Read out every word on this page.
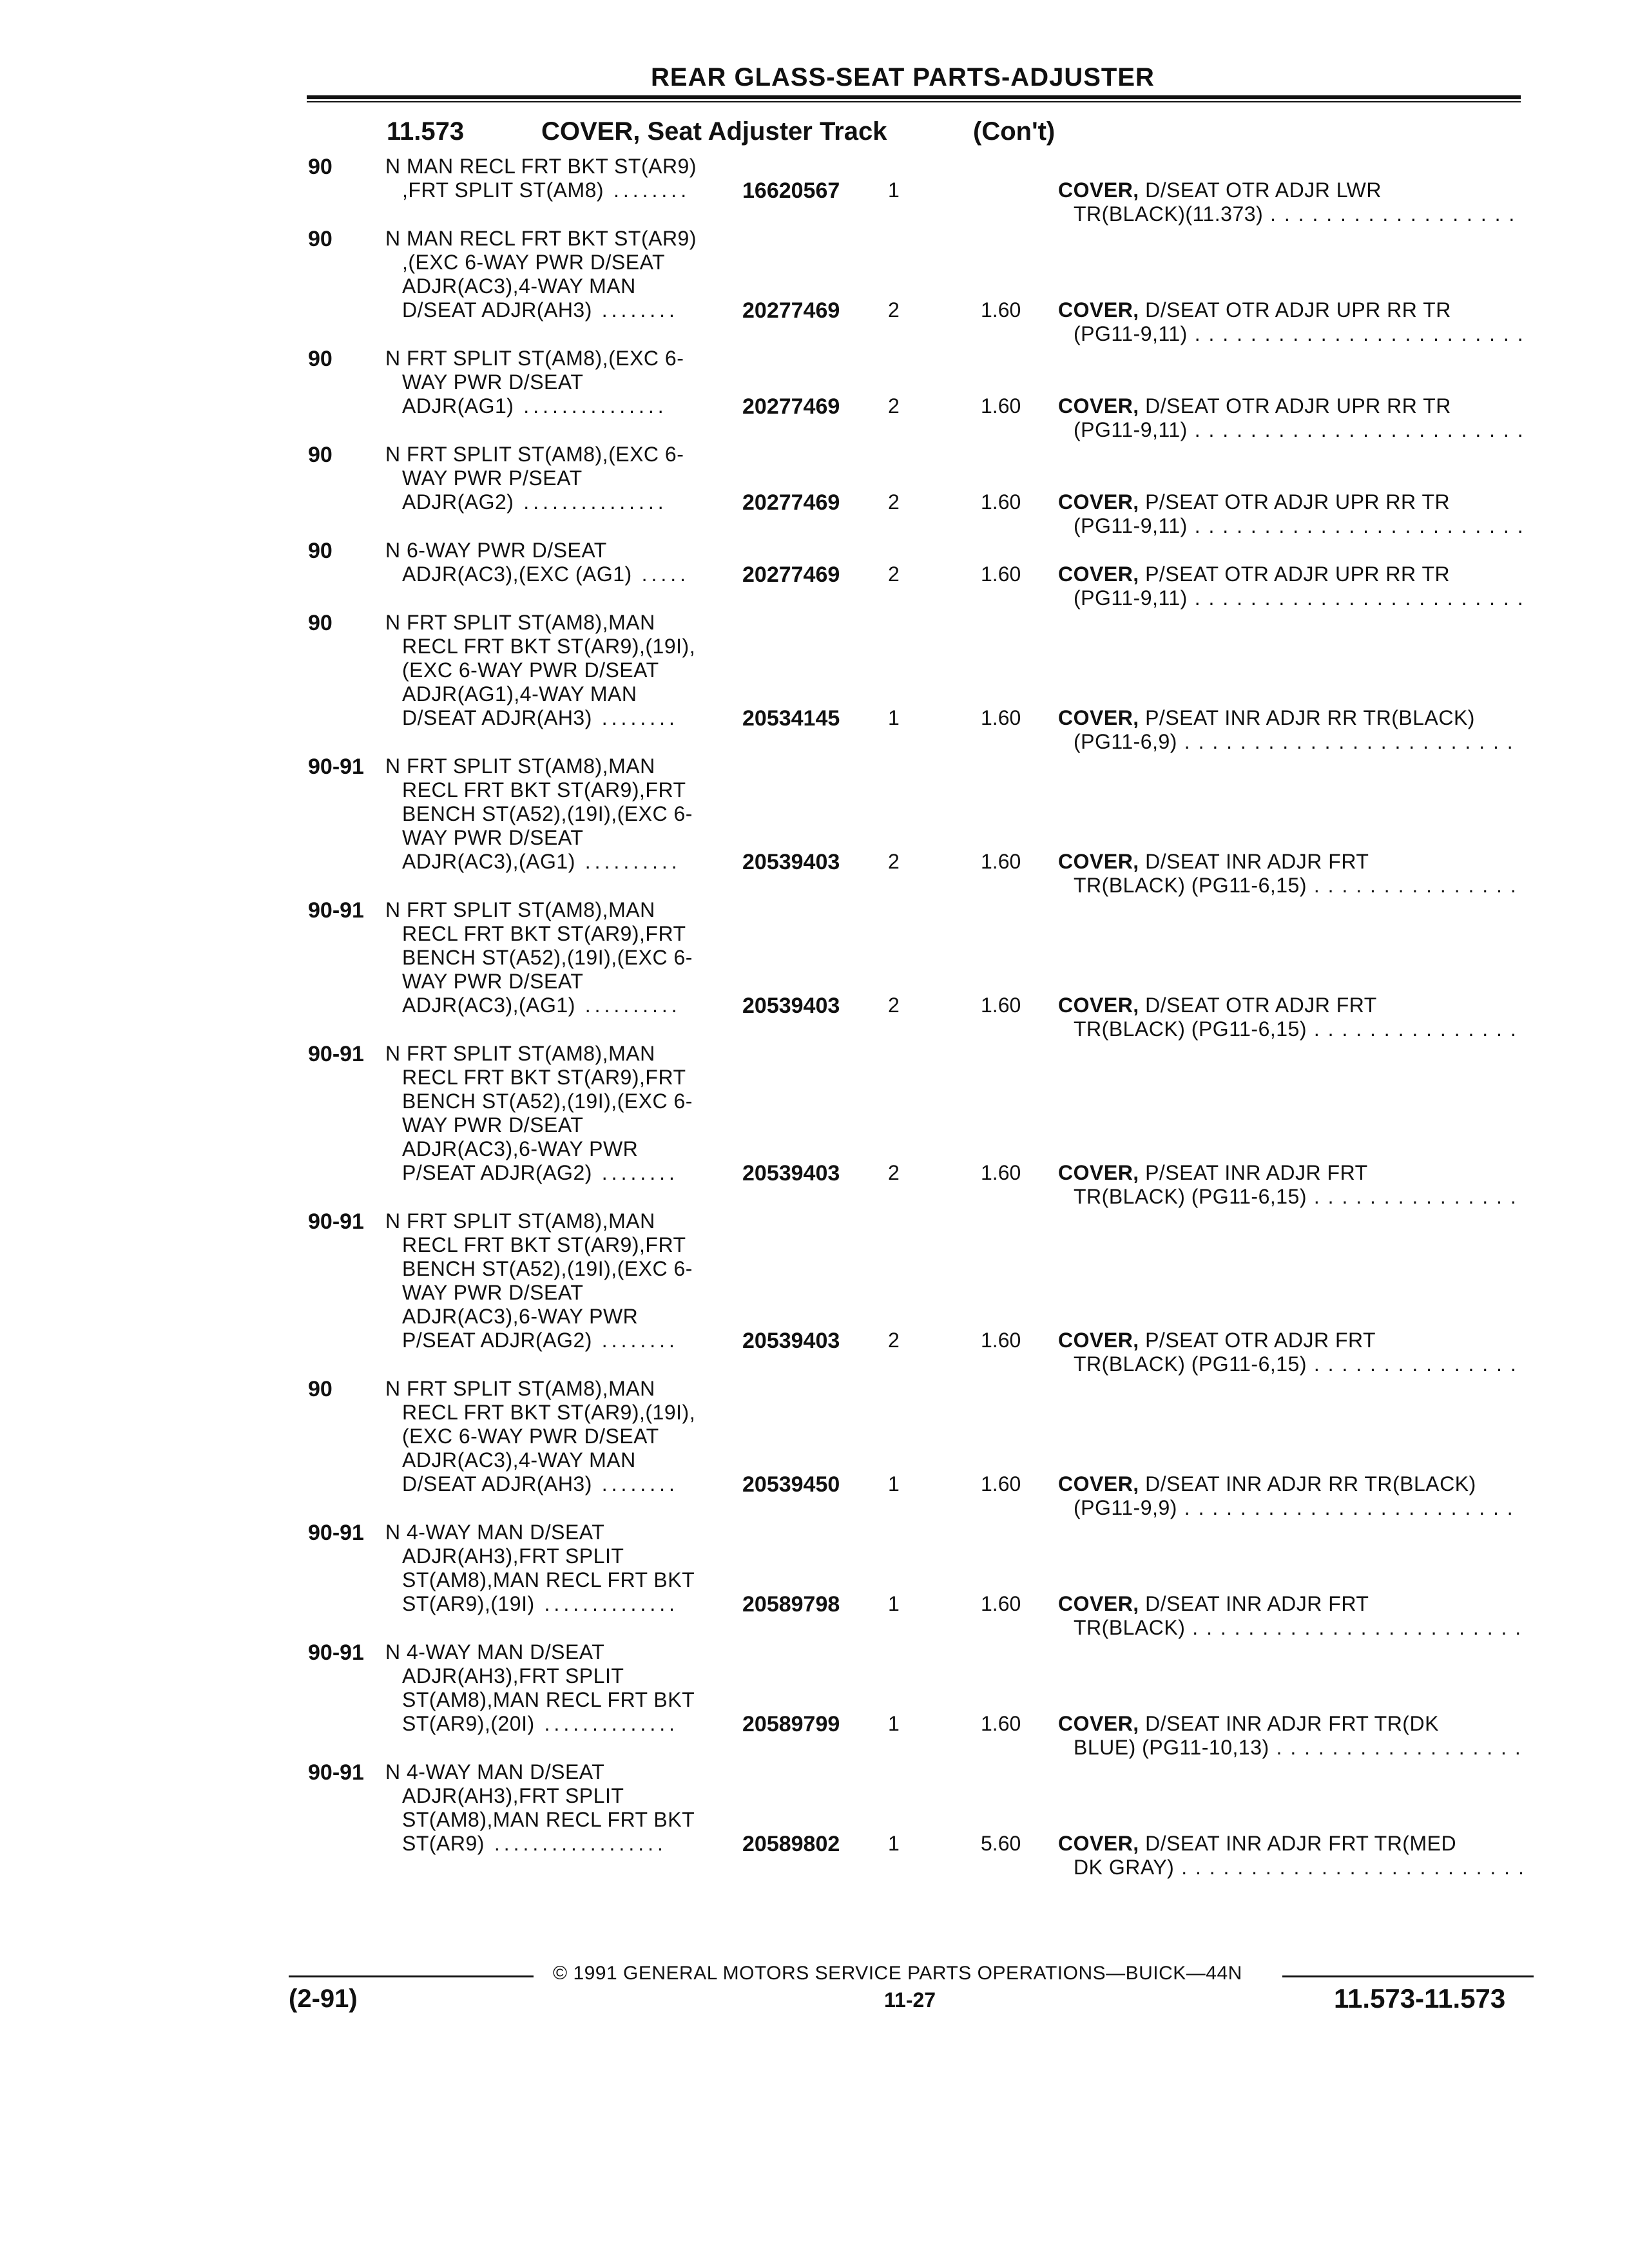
REAR GLASS-SEAT PARTS-ADJUSTER
11.573	COVER, Seat Adjuster Track	(Con't)
90	N MAN RECL FRT BKT ST(AR9)
,FRT SPLIT ST(AM8) ........	16620567 1	COVER, D/SEAT OTR ADJR LWR
TR(BLACK)(11.373) . . .
90	N MAN RECL FRT BKT ST(AR9)
,(EXC 6-WAY PWR D/SEAT
ADJR(AC3),4-WAY MAN
D/SEAT ADJR(AH3) ........	20277469 2	1.60 COVER, D/SEAT OTR ADJR UPR RR TR
(PG11-9,11) . . .
90	N FRT SPLIT ST(AM8),(EXC 6-
WAY PWR D/SEAT
ADJR(AG1) ...............	20277469 2	1.60 COVER, D/SEAT OTR ADJR UPR RR TR
(PG11-9,11) . . .
90	N FRT SPLIT ST(AM8),(EXC 6-
WAY PWR P/SEAT
ADJR(AG2) ...............	20277469 2	1.60 COVER, P/SEAT OTR ADJR UPR RR TR
(PG11-9,11) . . .
90	N 6-WAY PWR D/SEAT
ADJR(AC3),(EXC (AG1) .....	20277469 2	1.60 COVER, P/SEAT OTR ADJR UPR RR TR
(PG11-9,11) . . .
90	N FRT SPLIT ST(AM8),MAN
RECL FRT BKT ST(AR9),(19I),
(EXC 6-WAY PWR D/SEAT
ADJR(AG1),4-WAY MAN
D/SEAT ADJR(AH3) ........	20534145 1	1.60 COVER, P/SEAT INR ADJR RR TR(BLACK)
(PG11-6,9) . . .
90-91 N FRT SPLIT ST(AM8),MAN
RECL FRT BKT ST(AR9),FRT
BENCH ST(A52),(19I),(EXC 6-
WAY PWR D/SEAT
ADJR(AC3),(AG1) ..........	20539403 2	1.60 COVER, D/SEAT INR ADJR FRT
TR(BLACK) (PG11-6,15) . . .
90-91 N FRT SPLIT ST(AM8),MAN
RECL FRT BKT ST(AR9),FRT
BENCH ST(A52),(19I),(EXC 6-
WAY PWR D/SEAT
ADJR(AC3),(AG1) ..........	20539403 2	1.60 COVER, D/SEAT OTR ADJR FRT
TR(BLACK) (PG11-6,15) . . .
90-91 N FRT SPLIT ST(AM8),MAN
RECL FRT BKT ST(AR9),FRT
BENCH ST(A52),(19I),(EXC 6-
WAY PWR D/SEAT
ADJR(AC3),6-WAY PWR
P/SEAT ADJR(AG2) ........	20539403 2	1.60 COVER, P/SEAT INR ADJR FRT
TR(BLACK) (PG11-6,15) . . .
90-91 N FRT SPLIT ST(AM8),MAN
RECL FRT BKT ST(AR9),FRT
BENCH ST(A52),(19I),(EXC 6-
WAY PWR D/SEAT
ADJR(AC3),6-WAY PWR
P/SEAT ADJR(AG2) ........	20539403 2	1.60 COVER, P/SEAT OTR ADJR FRT
TR(BLACK) (PG11-6,15) . . .
90	N FRT SPLIT ST(AM8),MAN
RECL FRT BKT ST(AR9),(19I),
(EXC 6-WAY PWR D/SEAT
ADJR(AC3),4-WAY MAN
D/SEAT ADJR(AH3) ........	20539450 1	1.60 COVER, D/SEAT INR ADJR RR TR(BLACK)
(PG11-9,9) . . .
90-91 N 4-WAY MAN D/SEAT
ADJR(AH3),FRT SPLIT
ST(AM8),MAN RECL FRT BKT
ST(AR9),(19I) ..............	20589798 1	1.60 COVER, D/SEAT INR ADJR FRT
TR(BLACK) . . .
90-91 N 4-WAY MAN D/SEAT
ADJR(AH3),FRT SPLIT
ST(AM8),MAN RECL FRT BKT
ST(AR9),(20I) ..............	20589799 1	1.60 COVER, D/SEAT INR ADJR FRT TR(DK
BLUE) (PG11-10,13) . . .
90-91 N 4-WAY MAN D/SEAT
ADJR(AH3),FRT SPLIT
ST(AM8),MAN RECL FRT BKT
ST(AR9) ..................	20589802 1	5.60 COVER, D/SEAT INR ADJR FRT TR(MED
DK GRAY) . . .
© 1991 GENERAL MOTORS SERVICE PARTS OPERATIONS—BUICK—44N
(2-91)	11-27	11.573-11.573
